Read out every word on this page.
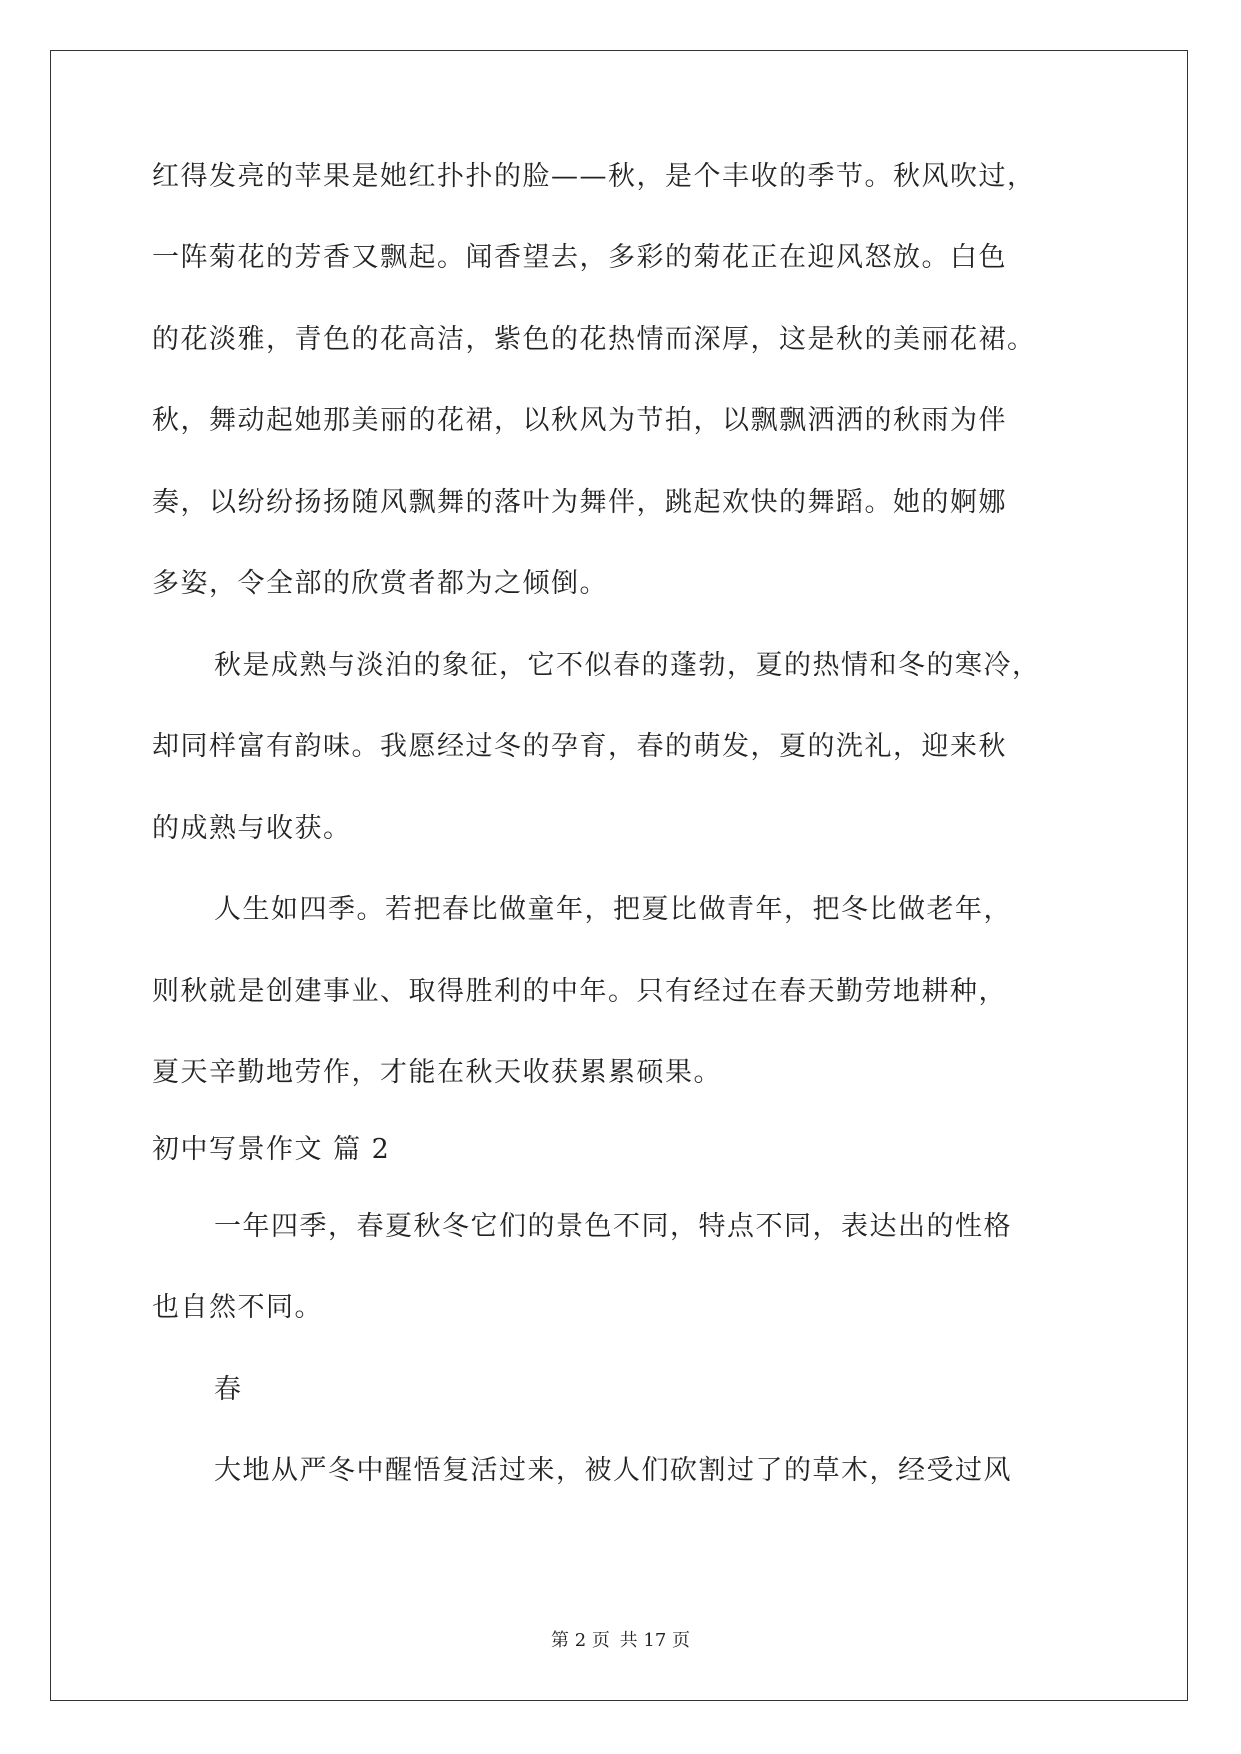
红得发亮的苹果是她红扑扑的脸——秋，是个丰收的季节。秋风吹过，

一阵菊花的芳香又飘起。闻香望去，多彩的菊花正在迎风怒放。白色

的花淡雅，青色的花高洁，紫色的花热情而深厚，这是秋的美丽花裙。

秋，舞动起她那美丽的花裙，以秋风为节拍，以飘飘洒洒的秋雨为伴

奏，以纷纷扬扬随风飘舞的落叶为舞伴，跳起欢快的舞蹈。她的婀娜

多姿，令全部的欣赏者都为之倾倒。

秋是成熟与淡泊的象征，它不似春的蓬勃，夏的热情和冬的寒冷，

却同样富有韵味。我愿经过冬的孕育，春的萌发，夏的洗礼，迎来秋

的成熟与收获。

人生如四季。若把春比做童年，把夏比做青年，把冬比做老年，

则秋就是创建事业、取得胜利的中年。只有经过在春天勤劳地耕种，

夏天辛勤地劳作，才能在秋天收获累累硕果。

初中写景作文 篇 2

一年四季，春夏秋冬它们的景色不同，特点不同，表达出的性格

也自然不同。

春

大地从严冬中醒悟复活过来，被人们砍割过了的草木，经受过风

第 2 页 共 17 页
